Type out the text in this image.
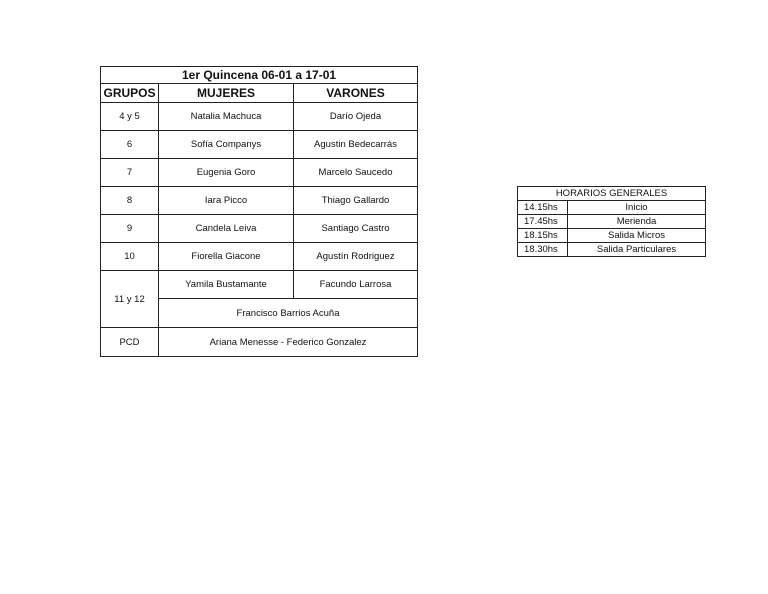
1er Quincena 06-01 a 17-01		
GRUPOS	MUJERES	VARONES
4 y 5	Natalia Machuca	Darío Ojeda
6	Sofía Companys	Agustin Bedecarrás
7	Eugenia Goro	Marcelo Saucedo
8	Iara Picco	Thiago Gallardo
9	Candela Leiva	Santiago Castro
10	Fiorella Giacone	Agustín Rodriguez
11 y 12	Yamila Bustamante	Facundo Larrosa
	Francisco Barrios Acuña	
PCD	Ariana Menesse - Federico Gonzalez	
HORARIOS GENERALES	
14.15hs	Inicio
17.45hs	Merienda
18.15hs	Salida Micros
18.30hs	Salida Particulares
